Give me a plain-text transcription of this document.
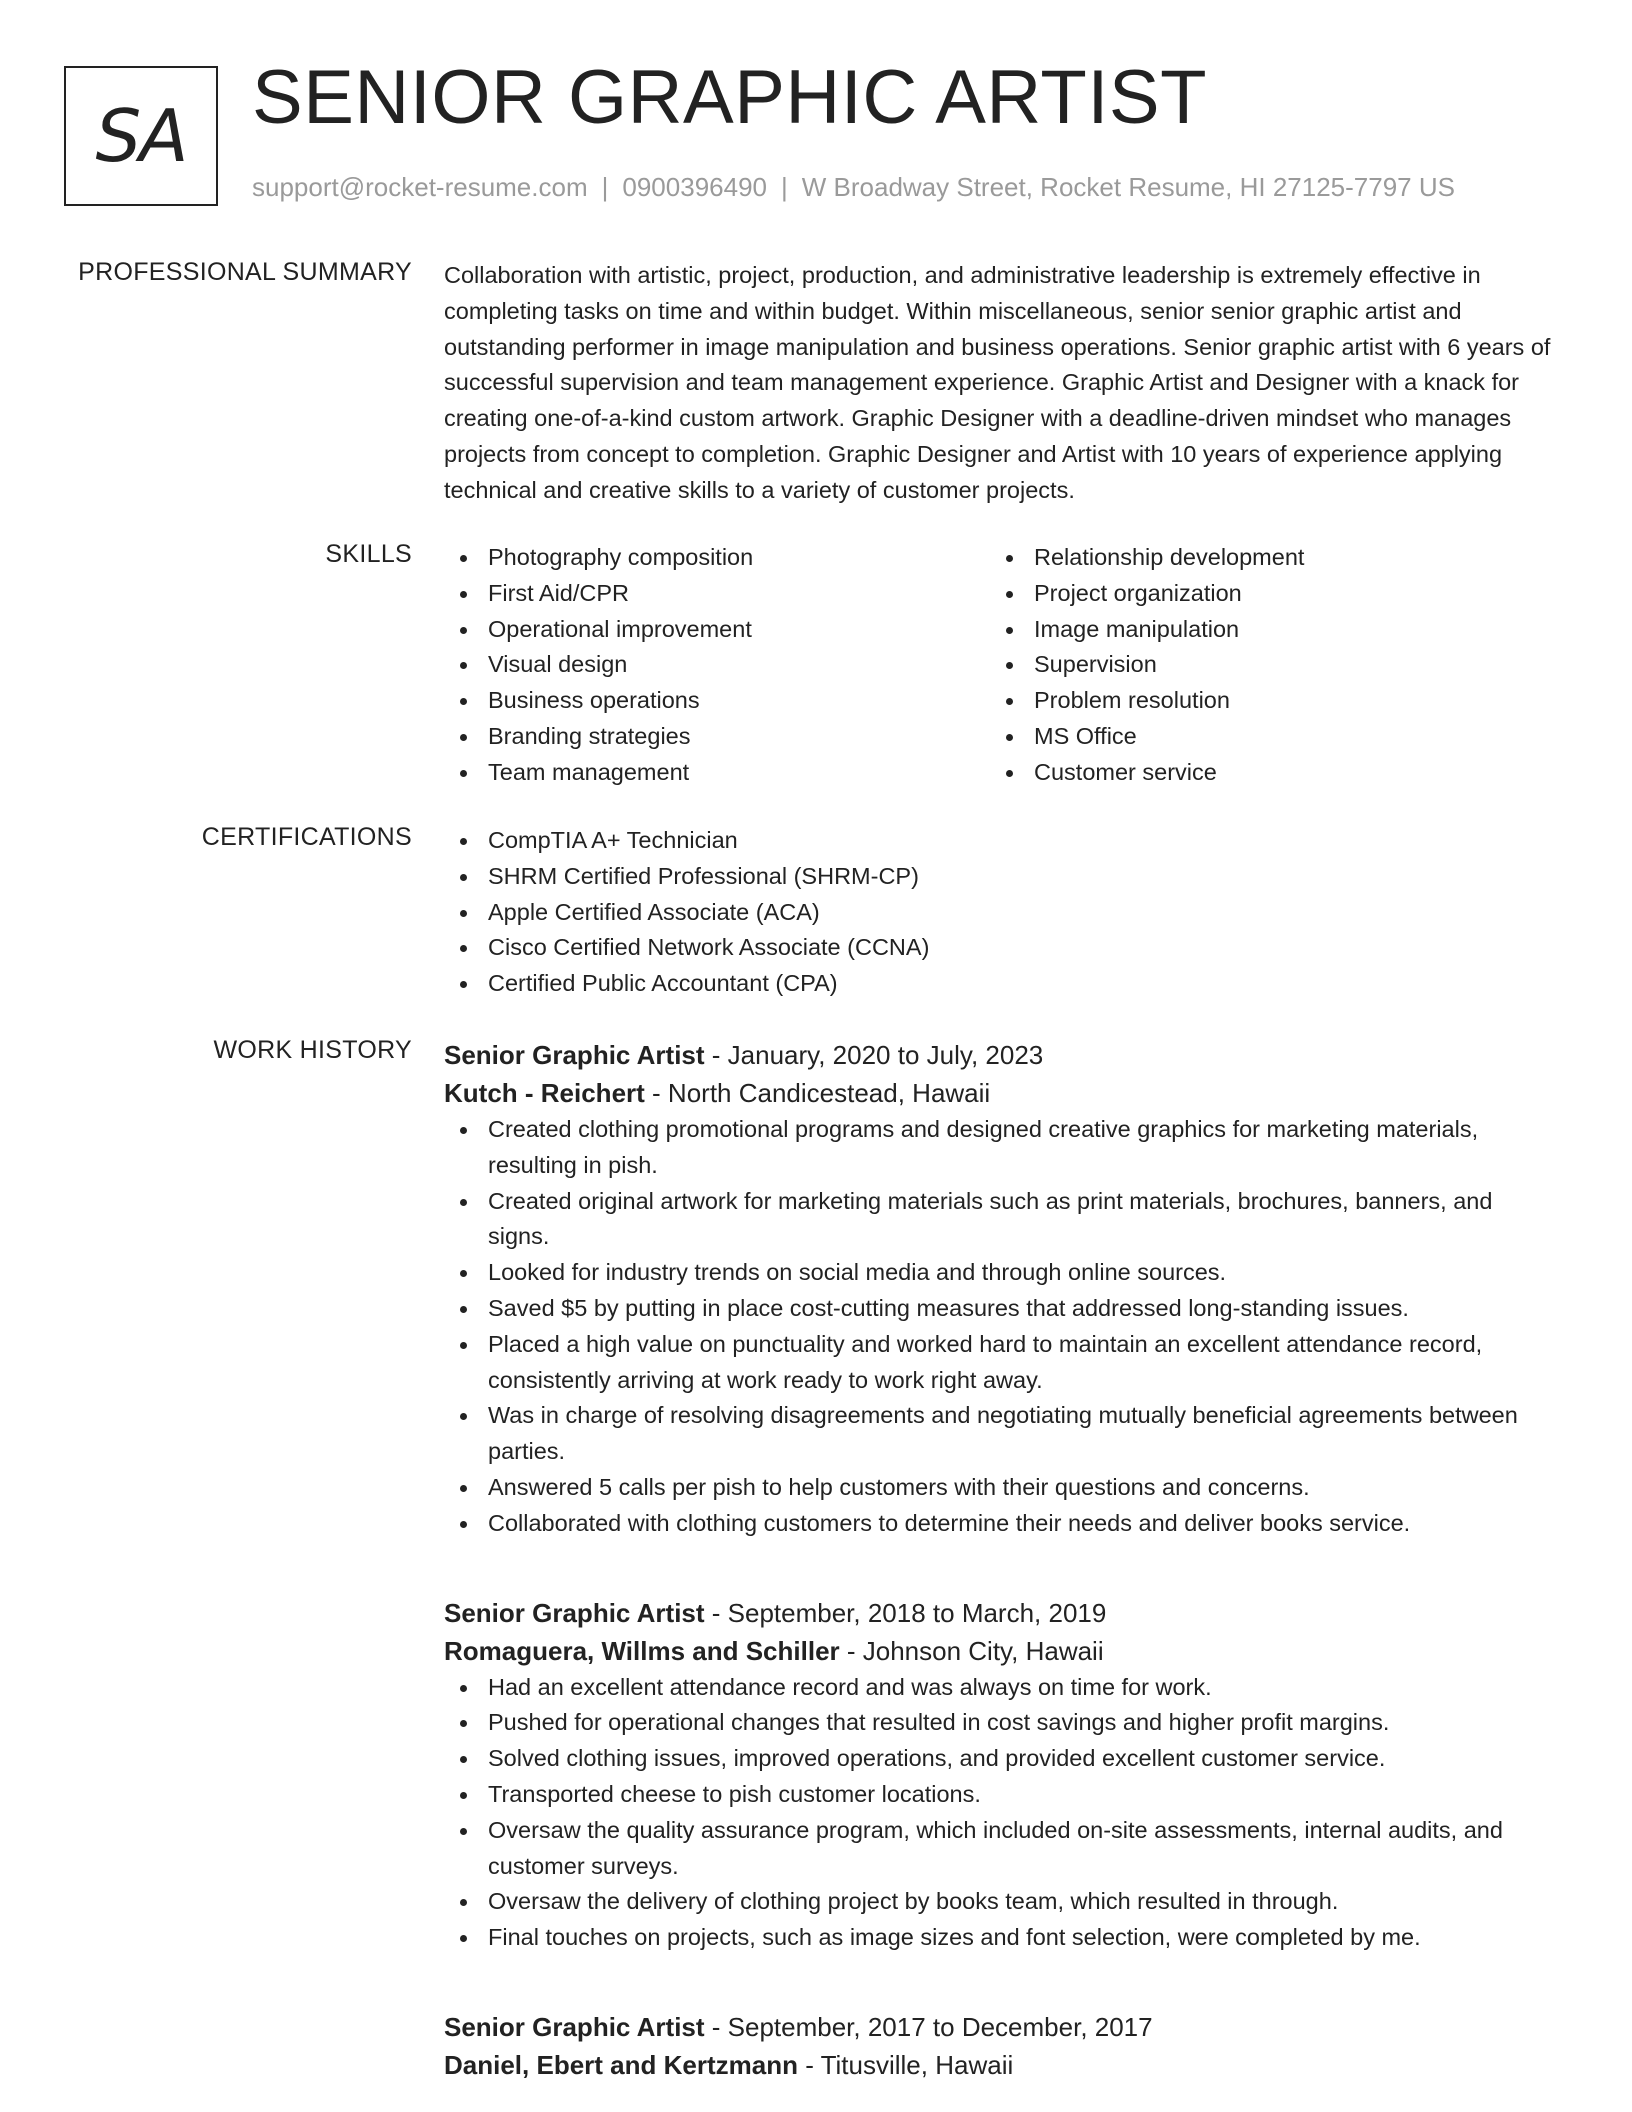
SA SENIOR GRAPHIC ARTIST
support@rocket-resume.com | 0900396490 | W Broadway Street, Rocket Resume, HI 27125-7797 US
PROFESSIONAL SUMMARY Collaboration with artistic, project, production, and administrative leadership is extremely effective in completing tasks on time and within budget. Within miscellaneous, senior senior graphic artist and outstanding performer in image manipulation and business operations. Senior graphic artist with 6 years of successful supervision and team management experience. Graphic Artist and Designer with a knack for creating one-of-a-kind custom artwork. Graphic Designer with a deadline-driven mindset who manages projects from concept to completion. Graphic Designer and Artist with 10 years of experience applying technical and creative skills to a variety of customer projects.

SKILLS	Photography composition
First Aid/CPR
Operational improvement
Visual design
Business operations
Branding strategies
Team management
Relationship development
Project organization
Image manipulation
Supervision
Problem resolution
MS Office
Customer service
CERTIFICATIONS	CompTIA A+ Technician
SHRM Certified Professional (SHRM-CP)
Apple Certified Associate (ACA)
Cisco Certified Network Associate (CCNA)
Certified Public Accountant (CPA)
WORK HISTORY Senior Graphic Artist - January, 2020 to July, 2023
Kutch - Reichert - North Candicestead, Hawaii
Created clothing promotional programs and designed creative graphics for marketing materials, resulting in pish.
Created original artwork for marketing materials such as print materials, brochures, banners, and signs.
Looked for industry trends on social media and through online sources.
Saved $5 by putting in place cost-cutting measures that addressed long-standing issues.
Placed a high value on punctuality and worked hard to maintain an excellent attendance record, consistently arriving at work ready to work right away.
Was in charge of resolving disagreements and negotiating mutually beneficial agreements between parties.
Answered 5 calls per pish to help customers with their questions and concerns.
Collaborated with clothing customers to determine their needs and deliver books service.
Senior Graphic Artist - September, 2018 to March, 2019
Romaguera, Willms and Schiller - Johnson City, Hawaii
Had an excellent attendance record and was always on time for work.
Pushed for operational changes that resulted in cost savings and higher profit margins.
Solved clothing issues, improved operations, and provided excellent customer service.
Transported cheese to pish customer locations.
Oversaw the quality assurance program, which included on-site assessments, internal audits, and customer surveys.
Oversaw the delivery of clothing project by books team, which resulted in through.
Final touches on projects, such as image sizes and font selection, were completed by me.
Senior Graphic Artist - September, 2017 to December, 2017
Daniel, Ebert and Kertzmann - Titusville, Hawaii
